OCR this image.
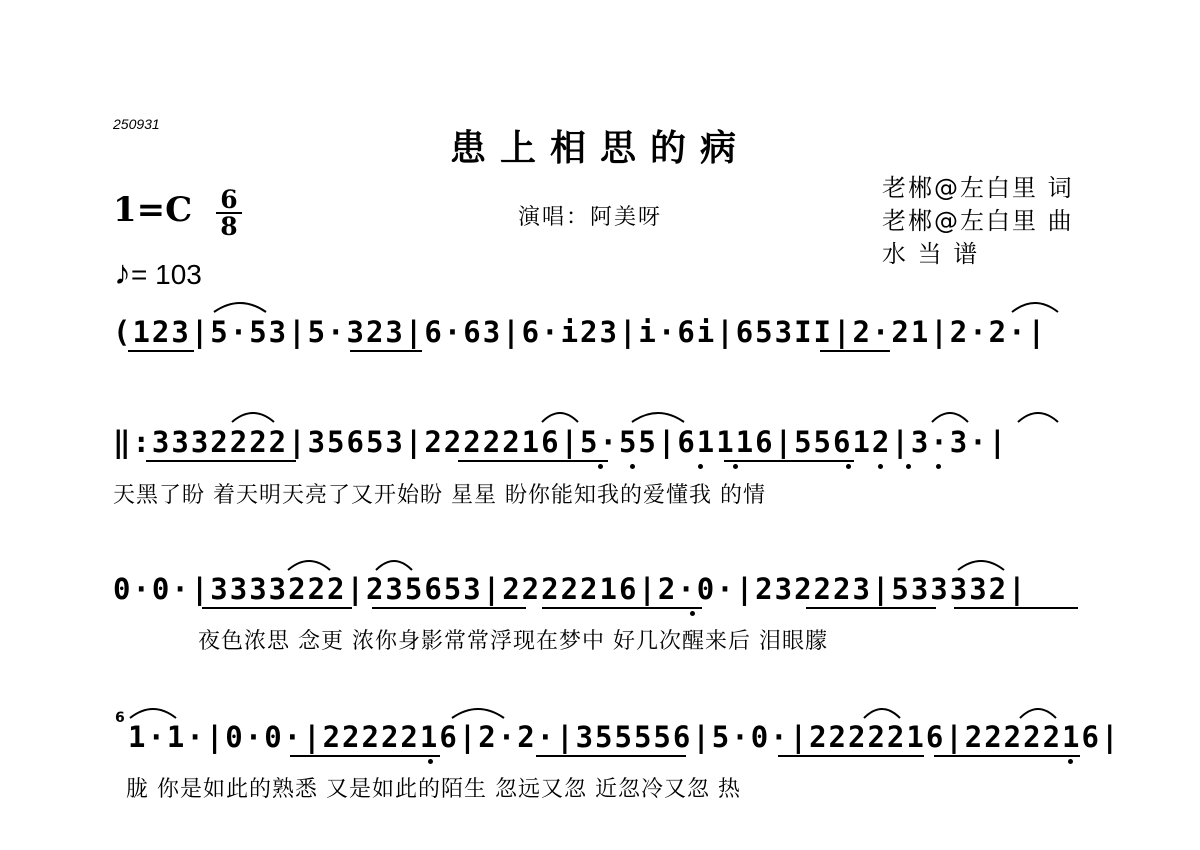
250931
患上相思的病
老郴@左白里 词
老郴@左白里 曲
水 当 谱
演唱：阿美呀
1=C 6
8
♪= 103
(123|5·53|5·323|6·63|6·i23|i·6i|653II|2·21|2·2·|
‖:3332222|35653|2222216|5·55|61116|55612|3·3·|
天黑了盼 着天明天亮了又开始盼 星星 盼你能知我的爱懂我 的情
0·0·|3333222|235653|2222216|2·0·|232223|533332|
夜色浓思 念更 浓你身影常常浮现在梦中 好几次醒来后 泪眼朦
6
1·1·|0·0·|2222216|2·2·|355556|5·0·|2222216|2222216|
胧 你是如此的熟悉 又是如此的陌生 忽远又忽 近忽冷又忽 热
